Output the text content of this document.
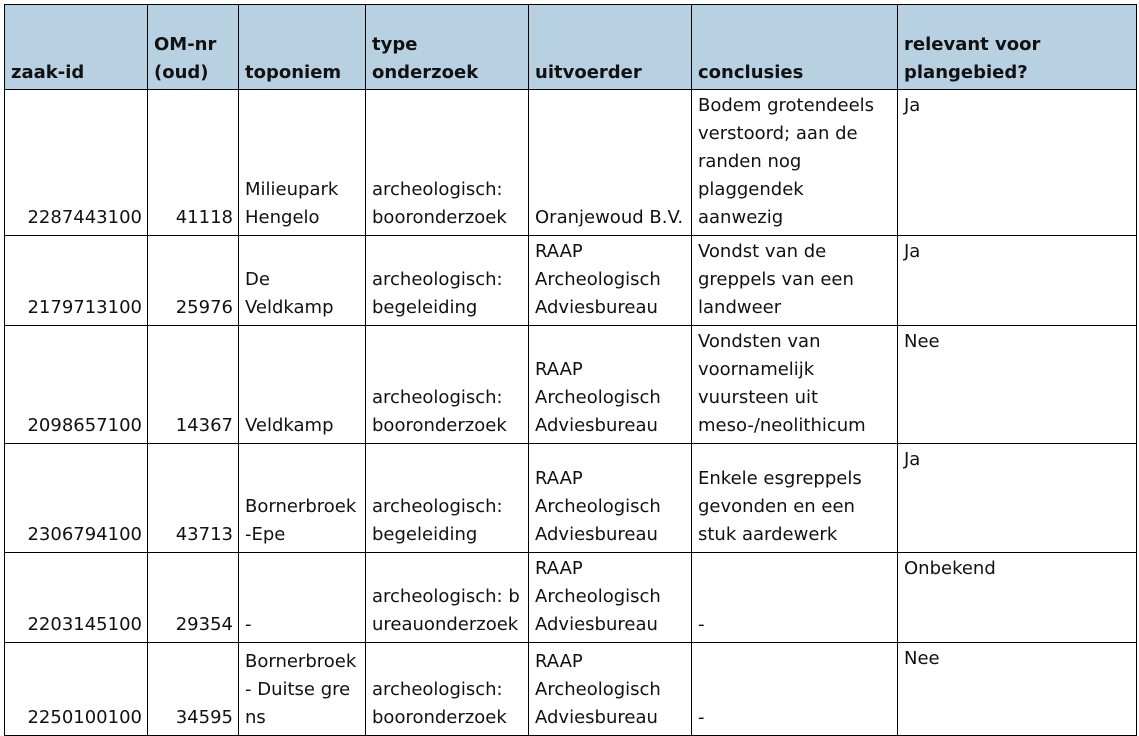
zaak-id	OM-nr (oud)	toponiem	type onderzoek	uitvoerder	conclusies	relevant voor plangebied?
2287443100	41118	Milieupark Hengelo	archeologisch: booronderzoek	Oranjewoud B.V.	Bodem grotendeels verstoord; aan de randen nog plaggendek aanwezig	Ja
2179713100	25976	De Veldkamp	archeologisch: begeleiding	RAAP Archeologisch Adviesbureau	Vondst van de greppels van een landweer	Ja
2098657100	14367	Veldkamp	archeologisch: booronderzoek	RAAP Archeologisch Adviesbureau	Vondsten van voornamelijk vuursteen uit meso-/neolithicum	Nee
2306794100	43713	Bornerbroek-Epe	archeologisch: begeleiding	RAAP Archeologisch Adviesbureau	Enkele esgreppels gevonden en een stuk aardewerk	Ja
2203145100	29354	-	archeologisch: bureauonderzoek	RAAP Archeologisch Adviesbureau	-	Onbekend
2250100100	34595	Bornerbroek - Duitse grens	archeologisch: booronderzoek	RAAP Archeologisch Adviesbureau	-	Nee
